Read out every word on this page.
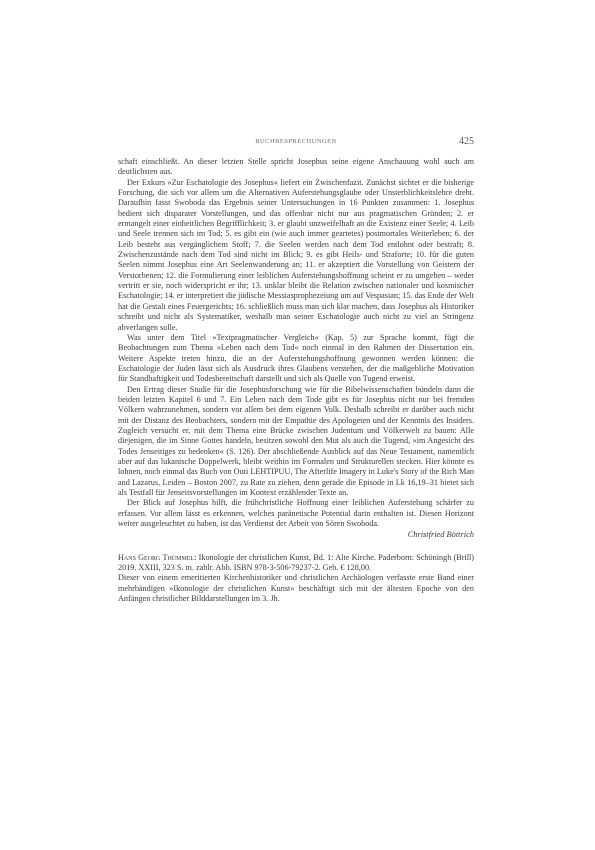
BUCHBESPRECHUNGEN	425

schaft einschließt. An dieser letzten Stelle spricht Josephus seine eigene Anschauung wohl auch am deutlichsten aus.

Der Exkurs »Zur Eschatologie des Josephus« liefert ein Zwischenfazit. Zunächst sichtet er die bisherige Forschung, die sich vor allem um die Alternativen Auferstehungsglaube oder Unsterblichkeitslehre dreht. Daraufhin fasst Swoboda das Ergebnis seiner Untersuchungen in 16 Punkten zusammen: 1. Josephus bedient sich disparater Vorstellungen, und das offenbar nicht nur aus pragmatischen Gründen; 2. er ermangelt einer einheitlichen Begrifflichkeit; 3. er glaubt unzweifelhaft an die Existenz einer Seele; 4. Leib und Seele trennen sich im Tod; 5. es gibt ein (wie auch immer geartetes) postmortales Weiterleben; 6. der Leib besteht aus vergänglichem Stoff; 7. die Seelen werden nach dem Tod entlohnt oder bestraft; 8. Zwischenzustände nach dem Tod sind nicht im Blick; 9. es gibt Heils- und Strafortе; 10. für die guten Seelen nimmt Josephus eine Art Seelenwanderung an; 11. er akzeptiert die Vorstellung von Geistern der Verstorbenen; 12. die Formulierung einer leiblichen Auferstehungshoffnung scheint er zu umgehen – weder vertritt er sie, noch widerspricht er ihr; 13. unklar bleibt die Relation zwischen nationaler und kosmischer Eschatologie; 14. er interpretiert die jüdische Messiasprophezeiung um auf Vespasian; 15. das Ende der Welt hat die Gestalt eines Feuergerichts; 16. schließlich muss man sich klar machen, dass Josephus als Historiker schreibt und nicht als Systematiker, weshalb man seiner Eschatologie auch nicht zu viel an Stringenz abverlangen solle.

Was unter dem Titel »Textpragmatischer Vergleich« (Kap. 5) zur Sprache kommt, fügt die Beobachtungen zum Thema »Leben nach dem Tod« noch einmal in den Rahmen der Dissertation ein. Weitere Aspekte treten hinzu, die an der Auferstehungshoffnung gewonnen werden können: die Eschatologie der Juden lässt sich als Ausdruck ihres Glaubens verstehen, der die maßgebliche Motivation für Standhaftigkeit und Todesbereitschaft darstellt und sich als Quelle von Tugend erweist.

Den Ertrag dieser Studie für die Josephusforschung wie für die Bibelwissenschaften bündeln dann die beiden letzten Kapitel 6 und 7. Ein Leben nach dem Tode gibt es für Josephus nicht nur bei fremden Völkern wahrzunehmen, sondern vor allem bei dem eigenen Volk. Deshalb schreibt er darüber auch nicht mit der Distanz des Beobachters, sondern mit der Empathie des Apologeten und der Kenntnis des Insiders. Zugleich versucht er, mit dem Thema eine Brücke zwischen Judentum und Völkerwelt zu bauen: Alle diejenigen, die im Sinne Gottes handeln, besitzen sowohl den Mut als auch die Tugend, »im Angesicht des Todes Jenseitiges zu bedenken« (S. 126). Der abschließende Ausblick auf das Neue Testament, namentlich aber auf das lukanische Doppelwerk, bleibt weithin im Formalen und Strukturellen stecken. Hier könnte es lohnen, noch einmal das Buch von Outi LEHTIPUU, The Afterlife Imagery in Luke's Story of the Rich Man and Lazarus, Leiden – Boston 2007, zu Rate zu ziehen, denn gerade die Episode in Lk 16,19–31 bietet sich als Testfall für Jenseitsvorstellungen im Kontext erzählender Texte an.

Der Blick auf Josephus hilft, die frühchristliche Hoffnung einer leiblichen Auferstehung schärfer zu erfassen. Vor allem lässt es erkennen, welches paränetische Potential darin enthalten ist. Diesen Horizont weiter ausgeleuchtet zu haben, ist das Verdienst der Arbeit von Sören Swoboda.

Christfried Böttrich
Hans Georg Thümmel: Ikonologie der christlichen Kunst, Bd. 1: Alte Kirche. Paderborn: Schöningh (Brill) 2019. XXIII, 323 S. m. zahlr. Abb. ISBN 978-3-506-79237-2. Geb. € 128,00.

Dieser von einem emeritierten Kirchenhistoriker und christlichen Archäologen verfasste erste Band einer mehrbändigen »Ikonologie der christlichen Kunst« beschäftigt sich mit der ältesten Epoche von den Anfängen christlicher Bilddarstellungen im 3. Jh.
